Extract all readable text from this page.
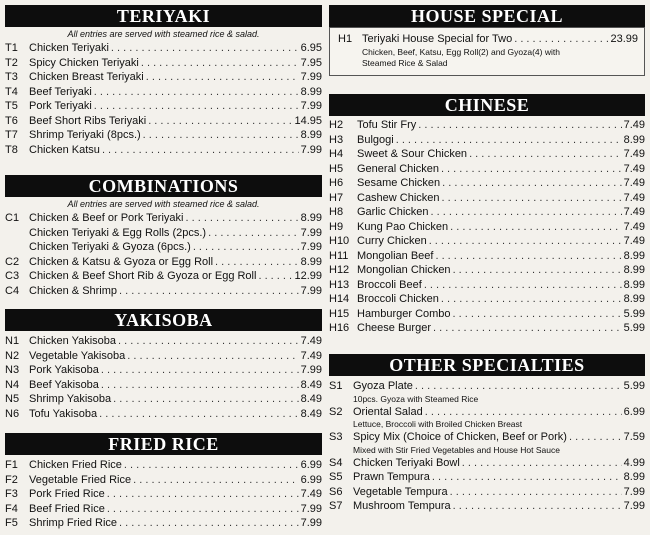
TERIYAKI
All entries are served with steamed rice & salad.
T1	Chicken Teriyaki . . .	6.95
T2	Spicy Chicken Teriyaki . . .	7.95
T3	Chicken Breast Teriyaki . . .	7.99
T4	Beef Teriyaki . . .	8.99
T5	Pork Teriyaki . . .	7.99
T6	Beef Short Ribs Teriyaki . . .	14.95
T7	Shrimp Teriyaki (8pcs.) . . .	8.99
T8	Chicken Katsu . . .	7.99
COMBINATIONS
All entries are served with steamed rice & salad.
C1 Chicken & Beef or Pork Teriyaki . . .	8.99
Chicken Teriyaki & Egg Rolls (2pcs.) . . .	7.99
Chicken Teriyaki & Gyoza (6pcs.) . . .	7.99
C2 Chicken & Katsu & Gyoza or Egg Roll . . .	8.99
C3 Chicken & Beef Short Rib & Gyoza or Egg Roll . . .	12.99
C4 Chicken & Shrimp . . .	7.99
YAKISOBA
N1 Chicken Yakisoba . . .	7.49
N2 Vegetable Yakisoba . . .	7.49
N3 Pork Yakisoba . . .	7.99
N4 Beef Yakisoba . . .	8.49
N5 Shrimp Yakisoba . . .	8.49
N6 Tofu Yakisoba . . .	8.49
FRIED RICE
F1	Chicken Fried Rice . . .	6.99
F2	Vegetable Fried Rice . . .	6.99
F3	Pork Fried Rice . . .	7.49
F4	Beef Fried Rice . . .	7.99
F5	Shrimp Fried Rice . . .	7.99
HOUSE SPECIAL
H1 Teriyaki House Special for Two . . .	23.99
Chicken, Beef, Katsu, Egg Roll(2) and Gyoza(4) with
Steamed Rice & Salad
CHINESE
H2	Tofu Stir Fry . . .	7.49
H3	Bulgogi . . .	8.99
H4	Sweet & Sour Chicken . . .	7.49
H5	General Chicken . . .	7.49
H6	Sesame Chicken . . .	7.49
H7	Cashew Chicken . . .	7.49
H8	Garlic Chicken . . .	7.49
H9	Kung Pao Chicken . . .	7.49
H10 Curry Chicken . . .	7.49
H11 Mongolian Beef . . .	8.99
H12 Mongolian Chicken . . .	8.99
H13 Broccoli Beef . . .	8.99
H14 Broccoli Chicken . . .	8.99
H15 Hamburger Combo . . .	5.99
H16 Cheese Burger . . .	5.99
OTHER SPECIALTIES
S1 Gyoza Plate . . .	5.99
10pcs. Gyoza with Steamed Rice
S2 Oriental Salad . . .	6.99
Lettuce, Broccoli with Broiled Chicken Breast
S3 Spicy Mix (Choice of Chicken, Beef or Pork) . . .	7.59
Mixed with Stir Fried Vegetables and House Hot Sauce
S4 Chicken Teriyaki Bowl . . .	4.99
S5 Prawn Tempura . . .	8.99
S6 Vegetable Tempura . . .	7.99
S7 Mushroom Tempura . . .	7.99
